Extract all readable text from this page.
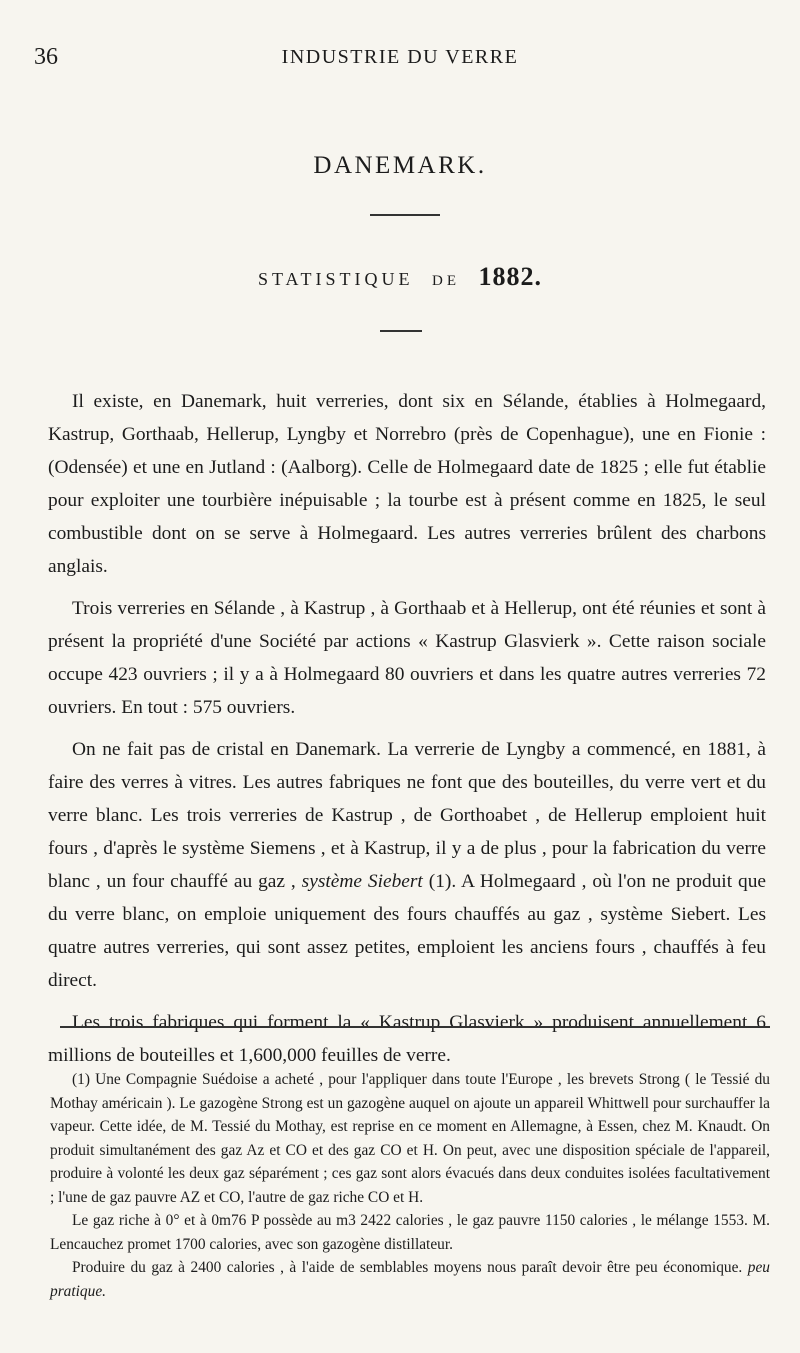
36	INDUSTRIE DU VERRE
DANEMARK.
STATISTIQUE DE 1882.

Il existe, en Danemark, huit verreries, dont six en Sélande, établies à Holmegaard, Kastrup, Gorthaab, Hellerup, Lyngby et Norrebro (près de Copenhague), une en Fionie : (Odensée) et une en Jutland : (Aalborg). Celle de Holmegaard date de 1825 ; elle fut établie pour exploiter une tourbière inépuisable ; la tourbe est à présent comme en 1825, le seul combustible dont on se serve à Holmegaard. Les autres verreries brûlent des charbons anglais.

Trois verreries en Sélande , à Kastrup , à Gorthaab et à Hellerup, ont été réunies et sont à présent la propriété d'une Société par actions « Kastrup Glasvierk ». Cette raison sociale occupe 423 ouvriers ; il y a à Holmegaard 80 ouvriers et dans les quatre autres verreries 72 ouvriers. En tout : 575 ouvriers.

On ne fait pas de cristal en Danemark. La verrerie de Lyngby a commencé, en 1881, à faire des verres à vitres. Les autres fabriques ne font que des bouteilles, du verre vert et du verre blanc. Les trois verreries de Kastrup , de Gorthoabet , de Hellerup emploient huit fours , d'après le système Siemens , et à Kastrup, il y a de plus , pour la fabrication du verre blanc , un four chauffé au gaz , système Siebert (1). A Holmegaard , où l'on ne produit que du verre blanc, on emploie uniquement des fours chauffés au gaz , système Siebert. Les quatre autres verreries, qui sont assez petites, emploient les anciens fours , chauffés à feu direct.

Les trois fabriques qui forment la « Kastrup Glasvierk » produisent annuellement 6 millions de bouteilles et 1,600,000 feuilles de verre.

(1) Une Compagnie Suédoise a acheté , pour l'appliquer dans toute l'Europe , les brevets Strong ( le Tessié du Mothay américain ). Le gazogène Strong est un gazogène auquel on ajoute un appareil Whittwell pour surchauffer la vapeur. Cette idée, de M. Tessié du Mothay, est reprise en ce moment en Allemagne, à Essen, chez M. Knaudt. On produit simultanément des gaz Az et CO et des gaz CO et H. On peut, avec une disposition spéciale de l'appareil, produire à volonté les deux gaz séparément ; ces gaz sont alors évacués dans deux conduites isolées facultativement ; l'une de gaz pauvre AZ et CO, l'autre de gaz riche CO et H.

Le gaz riche à 0° et à 0m76 P possède au m3 2422 calories , le gaz pauvre 1150 calories , le mélange 1553. M. Lencauchez promet 1700 calories, avec son gazogène distillateur.

Produire du gaz à 2400 calories , à l'aide de semblables moyens nous paraît devoir être peu économique. peu pratique.
